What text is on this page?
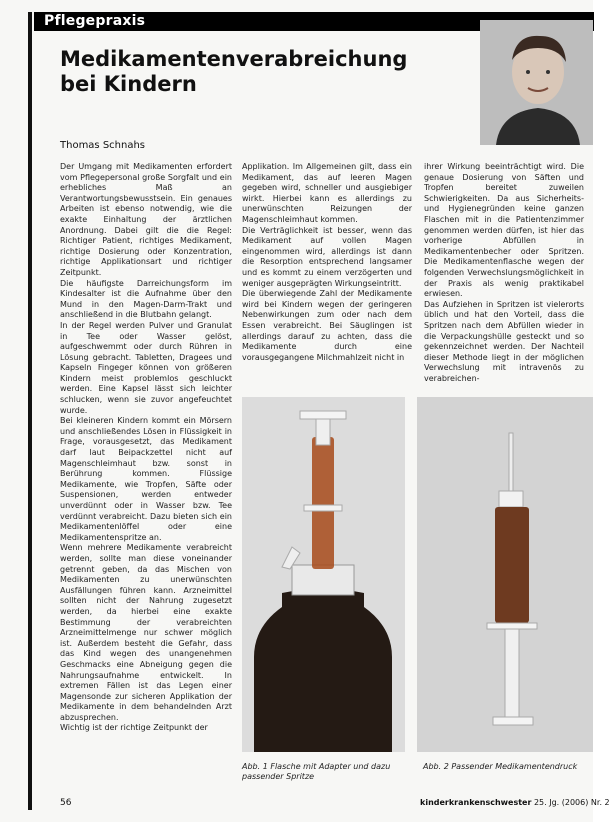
Pflegepraxis
Medikamentenverabreichung
bei Kindern
Thomas Schnahs

Der Umgang mit Medikamenten erfordert vom Pflegepersonal große Sorgfalt und ein erhebliches Maß an Verantwortungsbewusstsein. Ein genaues Arbeiten ist ebenso notwendig, wie die exakte Einhaltung der ärztlichen Anordnung. Dabei gilt die die Regel: Richtiger Patient, richtiges Medikament, richtige Dosierung oder Konzentration, richtige Applikationsart und richtiger Zeitpunkt.

Die häufigste Darreichungsform im Kindesalter ist die Aufnahme über den Mund in den Magen-Darm-Trakt und anschließend in die Blutbahn gelangt.

In der Regel werden Pulver und Granulat in Tee oder Wasser gelöst, aufgeschwemmt oder durch Rühren in Lösung gebracht. Tabletten, Dragees und Kapseln Fingeger können von größeren Kindern meist problemlos geschluckt werden. Eine Kapsel lässt sich leichter schlucken, wenn sie zuvor angefeuchtet wurde.

Bei kleineren Kindern kommt ein Mörsern und anschließendes Lösen in Flüssigkeit in Frage, vorausgesetzt, das Medikament darf laut Beipackzettel nicht auf Magenschleimhaut bzw. sonst in Berührung kommen. Flüssige Medikamente, wie Tropfen, Säfte oder Suspensionen, werden entweder unverdünnt oder in Wasser bzw. Tee verdünnt verabreicht. Dazu bieten sich ein Medikamentenlöffel oder eine Medikamentenspritze an.

Wenn mehrere Medikamente verabreicht werden, sollte man diese voneinander getrennt geben, da das Mischen von Medikamenten zu unerwünschten Ausfällungen führen kann. Arzneimittel sollten nicht der Nahrung zugesetzt werden, da hierbei eine exakte Bestimmung der verabreichten Arzneimittelmenge nur schwer möglich ist. Außerdem besteht die Gefahr, dass das Kind wegen des unangenehmen Geschmacks eine Abneigung gegen die Nahrungsaufnahme entwickelt. In extremen Fällen ist das Legen einer Magensonde zur sicheren Applikation der Medikamente in dem behandelnden Arzt abzusprechen.

Wichtig ist der richtige Zeitpunkt der

Applikation. Im Allgemeinen gilt, dass ein Medikament, das auf leeren Magen gegeben wird, schneller und ausgiebiger wirkt. Hierbei kann es allerdings zu unerwünschten Reizungen der Magenschleimhaut kommen.

Die Verträglichkeit ist besser, wenn das Medikament auf vollen Magen eingenommen wird, allerdings ist dann die Resorption entsprechend langsamer und es kommt zu einem verzögerten und weniger ausgeprägten Wirkungseintritt.

Die überwiegende Zahl der Medikamente wird bei Kindern wegen der geringeren Nebenwirkungen zum oder nach dem Essen verabreicht. Bei Säuglingen ist allerdings darauf zu achten, dass die Medikamente durch eine vorausgegangene Milchmahlzeit nicht in

ihrer Wirkung beeinträchtigt wird. Die genaue Dosierung von Säften und Tropfen bereitet zuweilen Schwierigkeiten. Da aus Sicherheits- und Hygienegründen keine ganzen Flaschen mit in die Patientenzimmer genommen werden dürfen, ist hier das vorherige Abfüllen in Medikamentenbecher oder Spritzen. Die Medikamentenflasche wegen der folgenden Verwechslungsmöglichkeit in der Praxis als wenig praktikabel erwiesen.

Das Aufziehen in Spritzen ist vielerorts üblich und hat den Vorteil, dass die Spritzen nach dem Abfüllen wieder in die Verpackungshülle gesteckt und so gekennzeichnet werden. Der Nachteil dieser Methode liegt in der möglichen Verwechslung mit intravenös zu verabreichen-

Abb. 1 Flasche mit Adapter und dazu passender Spritze
Abb. 2 Passender Medikamentendruck
56	kinderkrankenschwester 25. Jg. (2006) Nr. 2
